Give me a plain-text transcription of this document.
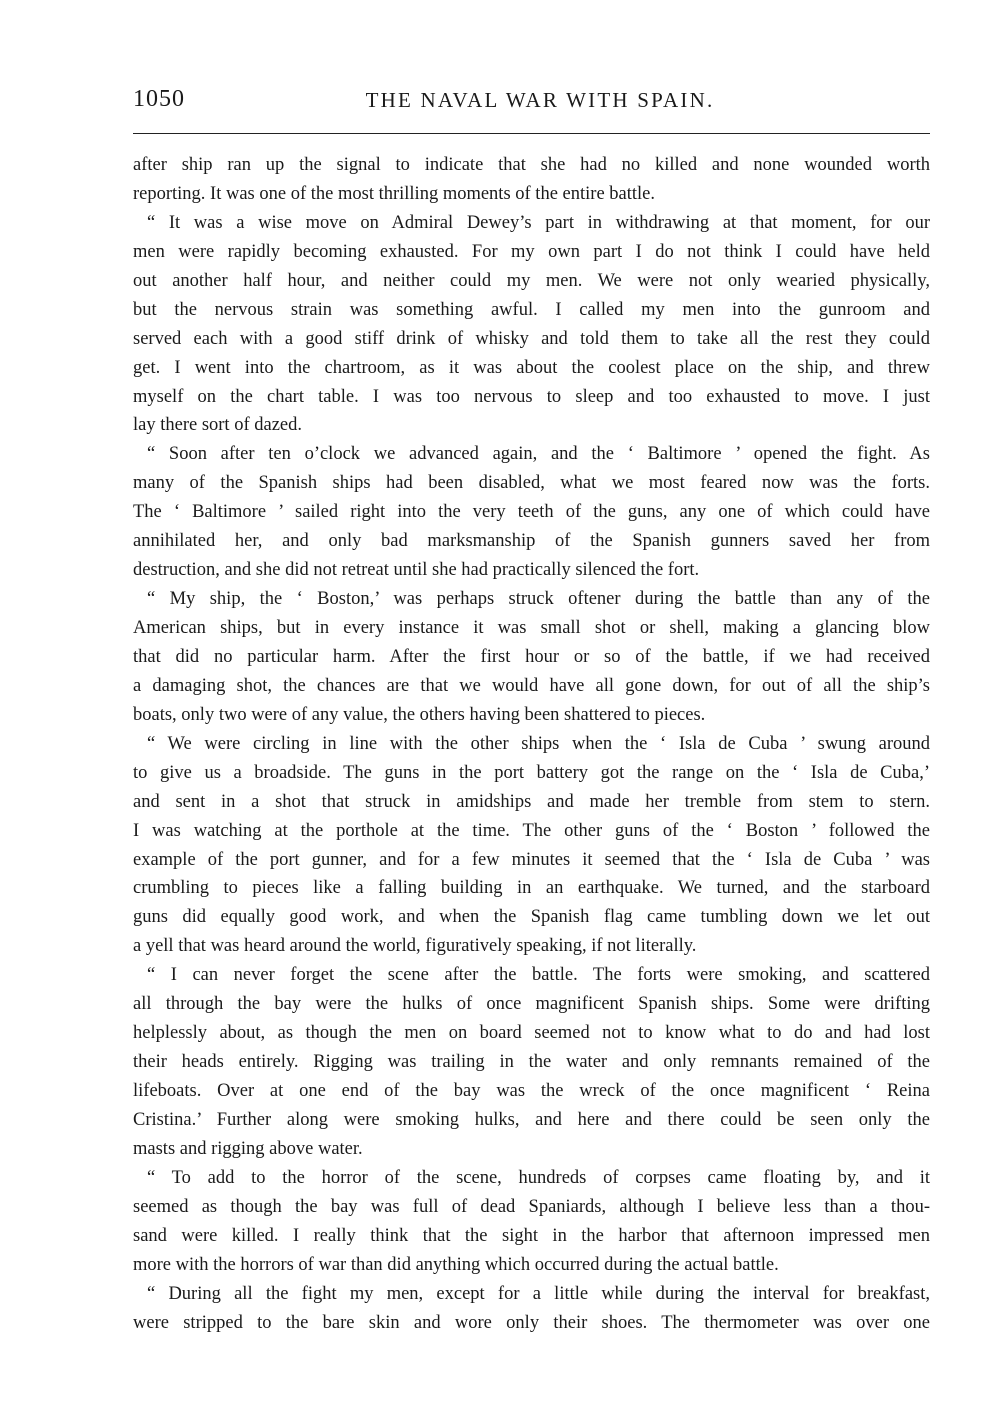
1050	THE NAVAL WAR WITH SPAIN.
after ship ran up the signal to indicate that she had no killed and none wounded worth
reporting. It was one of the most thrilling moments of the entire battle.
“ It was a wise move on Admiral Dewey’s part in withdrawing at that moment, for our
men were rapidly becoming exhausted. For my own part I do not think I could have held
out another half hour, and neither could my men. We were not only wearied physically,
but the nervous strain was something awful. I called my men into the gunroom and
served each with a good stiff drink of whisky and told them to take all the rest they could
get. I went into the chartroom, as it was about the coolest place on the ship, and threw
myself on the chart table. I was too nervous to sleep and too exhausted to move. I just
lay there sort of dazed.
“ Soon after ten o’clock we advanced again, and the ‘ Baltimore ’ opened the fight. As
many of the Spanish ships had been disabled, what we most feared now was the forts.
The ‘ Baltimore ’ sailed right into the very teeth of the guns, any one of which could have
annihilated her, and only bad marksmanship of the Spanish gunners saved her from
destruction, and she did not retreat until she had practically silenced the fort.
“ My ship, the ‘ Boston,’ was perhaps struck oftener during the battle than any of the
American ships, but in every instance it was small shot or shell, making a glancing blow
that did no particular harm. After the first hour or so of the battle, if we had received
a damaging shot, the chances are that we would have all gone down, for out of all the ship’s
boats, only two were of any value, the others having been shattered to pieces.
“ We were circling in line with the other ships when the ‘ Isla de Cuba ’ swung around
to give us a broadside. The guns in the port battery got the range on the ‘ Isla de Cuba,’
and sent in a shot that struck in amidships and made her tremble from stem to stern.
I was watching at the porthole at the time. The other guns of the ‘ Boston ’ followed the
example of the port gunner, and for a few minutes it seemed that the ‘ Isla de Cuba ’ was
crumbling to pieces like a falling building in an earthquake. We turned, and the starboard
guns did equally good work, and when the Spanish flag came tumbling down we let out
a yell that was heard around the world, figuratively speaking, if not literally.
“ I can never forget the scene after the battle. The forts were smoking, and scattered
all through the bay were the hulks of once magnificent Spanish ships. Some were drifting
helplessly about, as though the men on board seemed not to know what to do and had lost
their heads entirely. Rigging was trailing in the water and only remnants remained of the
lifeboats. Over at one end of the bay was the wreck of the once magnificent ‘ Reina
Cristina.’ Further along were smoking hulks, and here and there could be seen only the
masts and rigging above water.
“ To add to the horror of the scene, hundreds of corpses came floating by, and it
seemed as though the bay was full of dead Spaniards, although I believe less than a thou-
sand were killed. I really think that the sight in the harbor that afternoon impressed men
more with the horrors of war than did anything which occurred during the actual battle.
“ During all the fight my men, except for a little while during the interval for breakfast,
were stripped to the bare skin and wore only their shoes. The thermometer was over one
